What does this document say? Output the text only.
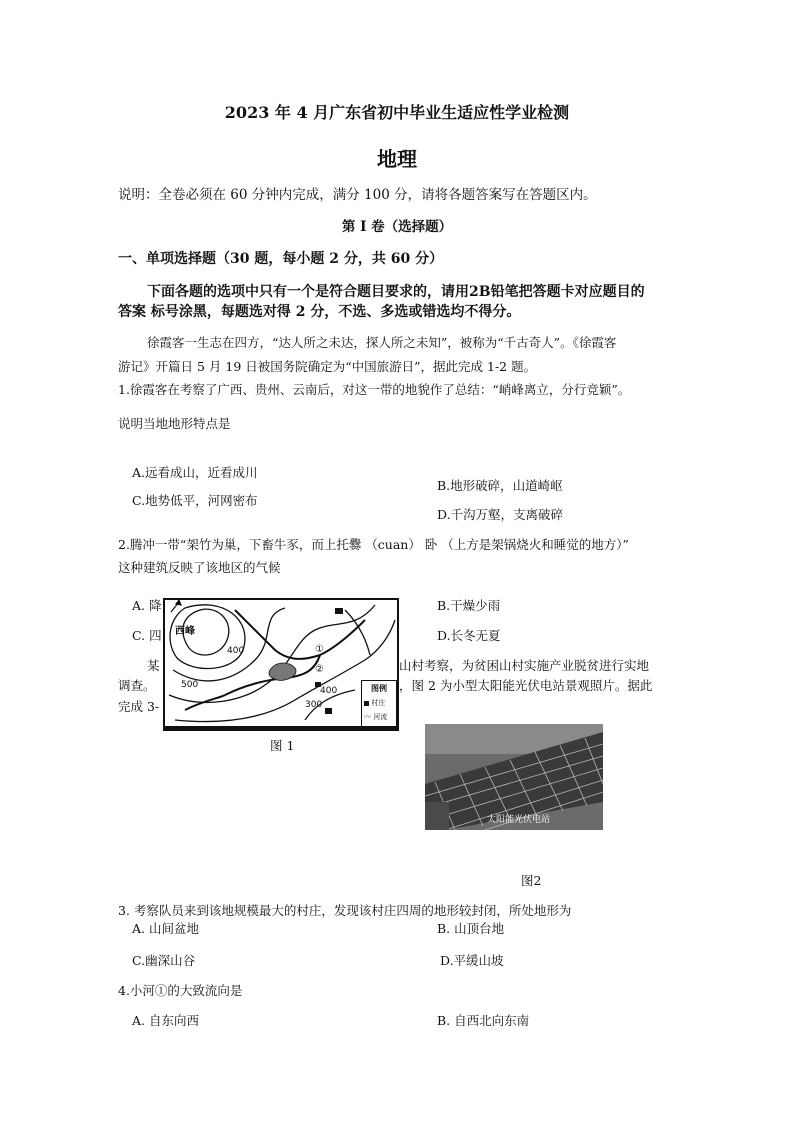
2023 年 4 月广东省初中毕业生适应性学业检测
地理
说明：全卷必须在 60 分钟内完成，满分 100 分，请将各题答案写在答题区内。
第 I 卷（选择题）
一、单项选择题（30 题，每小题 2 分，共 60 分）
下面各题的选项中只有一个是符合题目要求的，请用2B铅笔把答题卡对应题目的
答案 标号涂黑，每题选对得 2 分，不选、多选或错选均不得分。
徐霞客一生志在四方，“达人所之未达，探人所之未知”，被称为“千古奇人”。《徐霞客
游记》开篇日 5 月 19 日被国务院确定为“中国旅游日”，据此完成 1-2 题。
1.徐霞客在考察了广西、贵州、云南后，对这一带的地貌作了总结：“峭峰离立，分行竞颖”。
说明当地地形特点是
A.远看成山，近看成川
B.地形破碎，山道崎岖
C.地势低平，河网密布
D.千沟万壑，支离破碎
2.腾冲一带“架竹为巢，下畜牛豕，而上托爨 （cuan） 卧 （上方是架锅烧火和睡觉的地方）”
这种建筑反映了该地区的气候
A. 降	B.干燥少雨
C. 四	D.长冬无夏
某	山村考察，为贫困山村实施产业脱贫进行实地
调查。	，图 2 为小型太阳能光伏电站景观照片。据此
完成 3-
西峰
400
500
400
300
①
②
图例
村庄
〰 河流
图 1
太阳能光伏电站
图2
3. 考察队员来到该地规模最大的村庄，发现该村庄四周的地形较封闭，所处地形为
A. 山间盆地	B. 山顶台地
C.幽深山谷	D.平缓山坡
4.小河①的大致流向是
A. 自东向西	B. 自西北向东南
